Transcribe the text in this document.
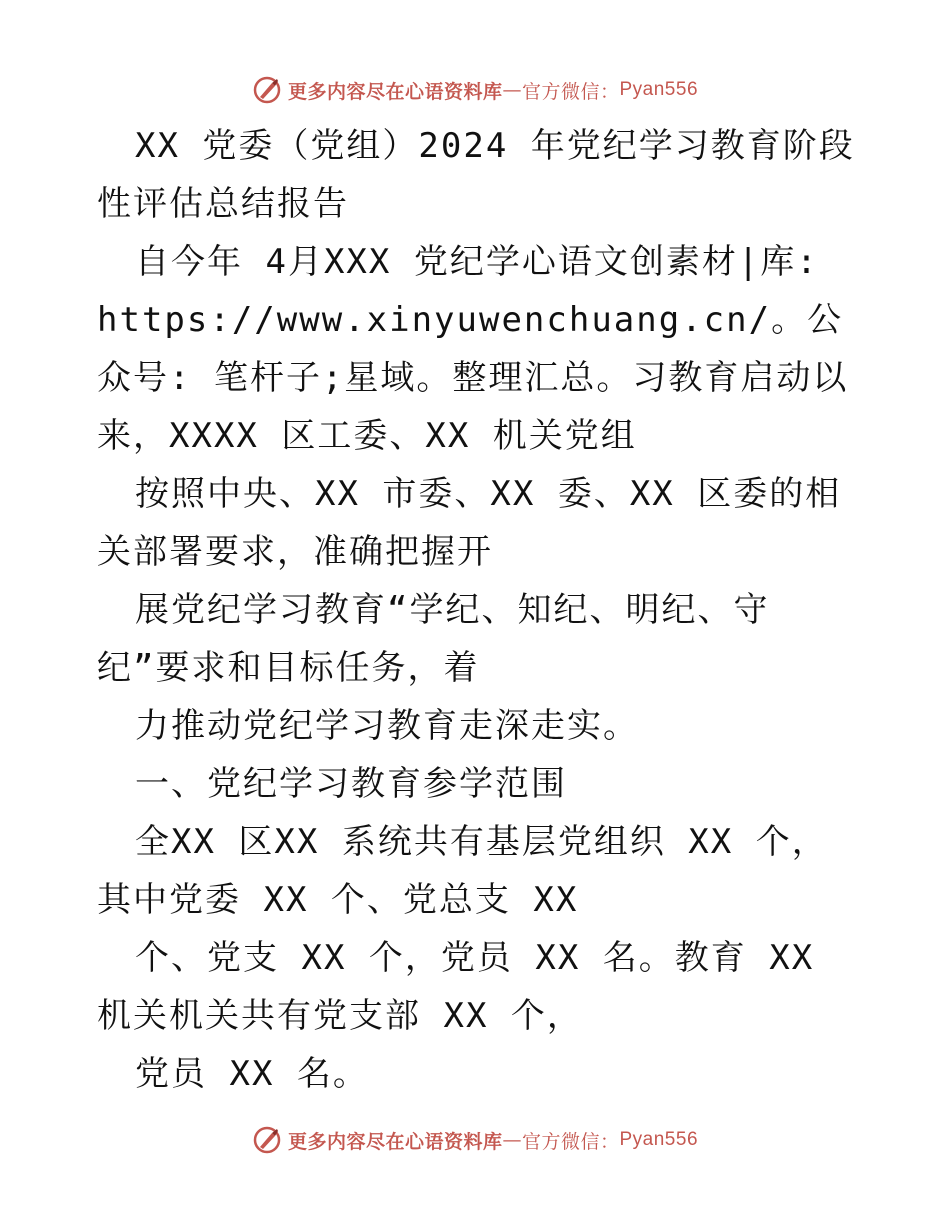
更多内容尽在心语资料库 — 官方微信： Pyan556

XX 党委（党组）2024 年党纪学习教育阶段性评估总结报告

自今年 4月XXX 党纪学心语文创素材|库: https://www.xinyuwenchuang.cn/。公众号: 笔杆子;星域。整理汇总。习教育启动以来，XXXX 区工委、XX 机关党组

按照中央、XX 市委、XX 委、XX 区委的相关部署要求，准确把握开

展党纪学习教育“学纪、知纪、明纪、守纪”要求和目标任务，着

力推动党纪学习教育走深走实。

一、党纪学习教育参学范围

全XX 区XX 系统共有基层党组织 XX 个，其中党委 XX 个、党总支 XX

个、党支 XX 个，党员 XX 名。教育 XX 机关机关共有党支部 XX 个，

党员 XX 名。

更多内容尽在心语资料库 — 官方微信： Pyan556
